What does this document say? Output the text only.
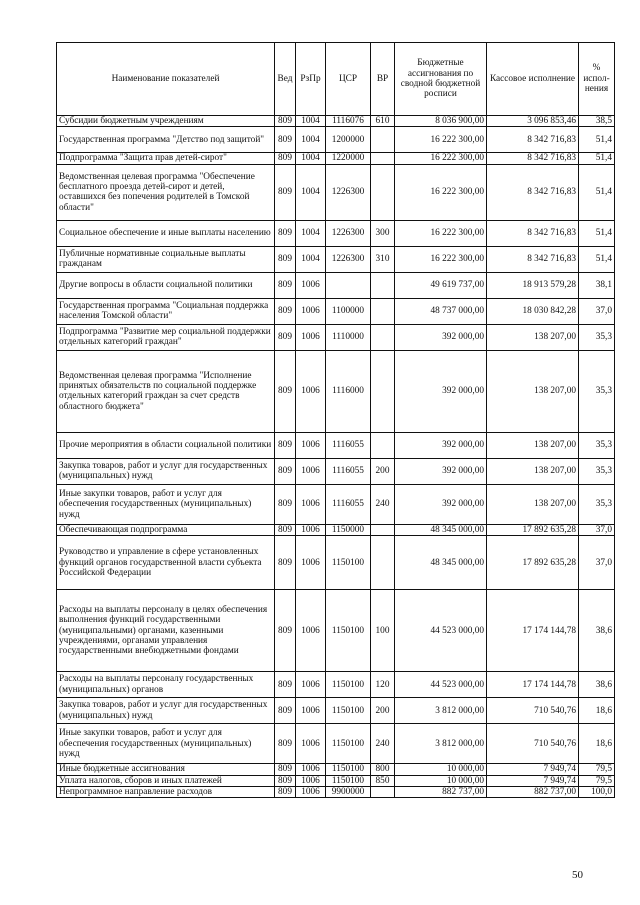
Наименование показателей	Вед	РзПр	ЦСР	ВР	Бюджетные ассигнования по сводной бюджетной росписи	Кассовое исполнение	% испол-нения
Субсидии бюджетным учреждениям	809	1004	1116076	610	8 036 900,00	3 096 853,46	38,5
Государственная программа "Детство под защитой"	809	1004	1200000		16 222 300,00	8 342 716,83	51,4
Подпрограмма "Защита прав детей-сирот"	809	1004	1220000		16 222 300,00	8 342 716,83	51,4
Ведомственная целевая программа "Обеспечение бесплатного проезда детей-сирот и детей, оставшихся без попечения родителей в Томской области"	809	1004	1226300		16 222 300,00	8 342 716,83	51,4
Социальное обеспечение и иные выплаты населению	809	1004	1226300	300	16 222 300,00	8 342 716,83	51,4
Публичные нормативные социальные выплаты гражданам	809	1004	1226300	310	16 222 300,00	8 342 716,83	51,4
Другие вопросы в области социальной политики	809	1006			49 619 737,00	18 913 579,28	38,1
Государственная программа "Социальная поддержка населения Томской области"	809	1006	1100000		48 737 000,00	18 030 842,28	37,0
Подпрограмма "Развитие мер социальной поддержки отдельных категорий граждан"	809	1006	1110000		392 000,00	138 207,00	35,3
Ведомственная целевая программа "Исполнение принятых обязательств по социальной поддержке отдельных категорий граждан за счет средств областного бюджета"	809	1006	1116000		392 000,00	138 207,00	35,3
Прочие мероприятия в области социальной политики	809	1006	1116055		392 000,00	138 207,00	35,3
Закупка товаров, работ и услуг для государственных (муниципальных) нужд	809	1006	1116055	200	392 000,00	138 207,00	35,3
Иные закупки товаров, работ и услуг для обеспечения государственных (муниципальных) нужд	809	1006	1116055	240	392 000,00	138 207,00	35,3
Обеспечивающая подпрограмма	809	1006	1150000		48 345 000,00	17 892 635,28	37,0
Руководство и управление в сфере установленных функций органов государственной власти субъекта Российской Федерации	809	1006	1150100		48 345 000,00	17 892 635,28	37,0
Расходы на выплаты персоналу в целях обеспечения выполнения функций государственными (муниципальными) органами, казенными учреждениями, органами управления государственными внебюджетными фондами	809	1006	1150100	100	44 523 000,00	17 174 144,78	38,6
Расходы на выплаты персоналу государственных (муниципальных) органов	809	1006	1150100	120	44 523 000,00	17 174 144,78	38,6
Закупка товаров, работ и услуг для государственных (муниципальных) нужд	809	1006	1150100	200	3 812 000,00	710 540,76	18,6
Иные закупки товаров, работ и услуг для обеспечения государственных (муниципальных) нужд	809	1006	1150100	240	3 812 000,00	710 540,76	18,6
Иные бюджетные ассигнования	809	1006	1150100	800	10 000,00	7 949,74	79,5
Уплата налогов, сборов и иных платежей	809	1006	1150100	850	10 000,00	7 949,74	79,5
Непрограммное направление расходов	809	1006	9900000		882 737,00	882 737,00	100,0
50
